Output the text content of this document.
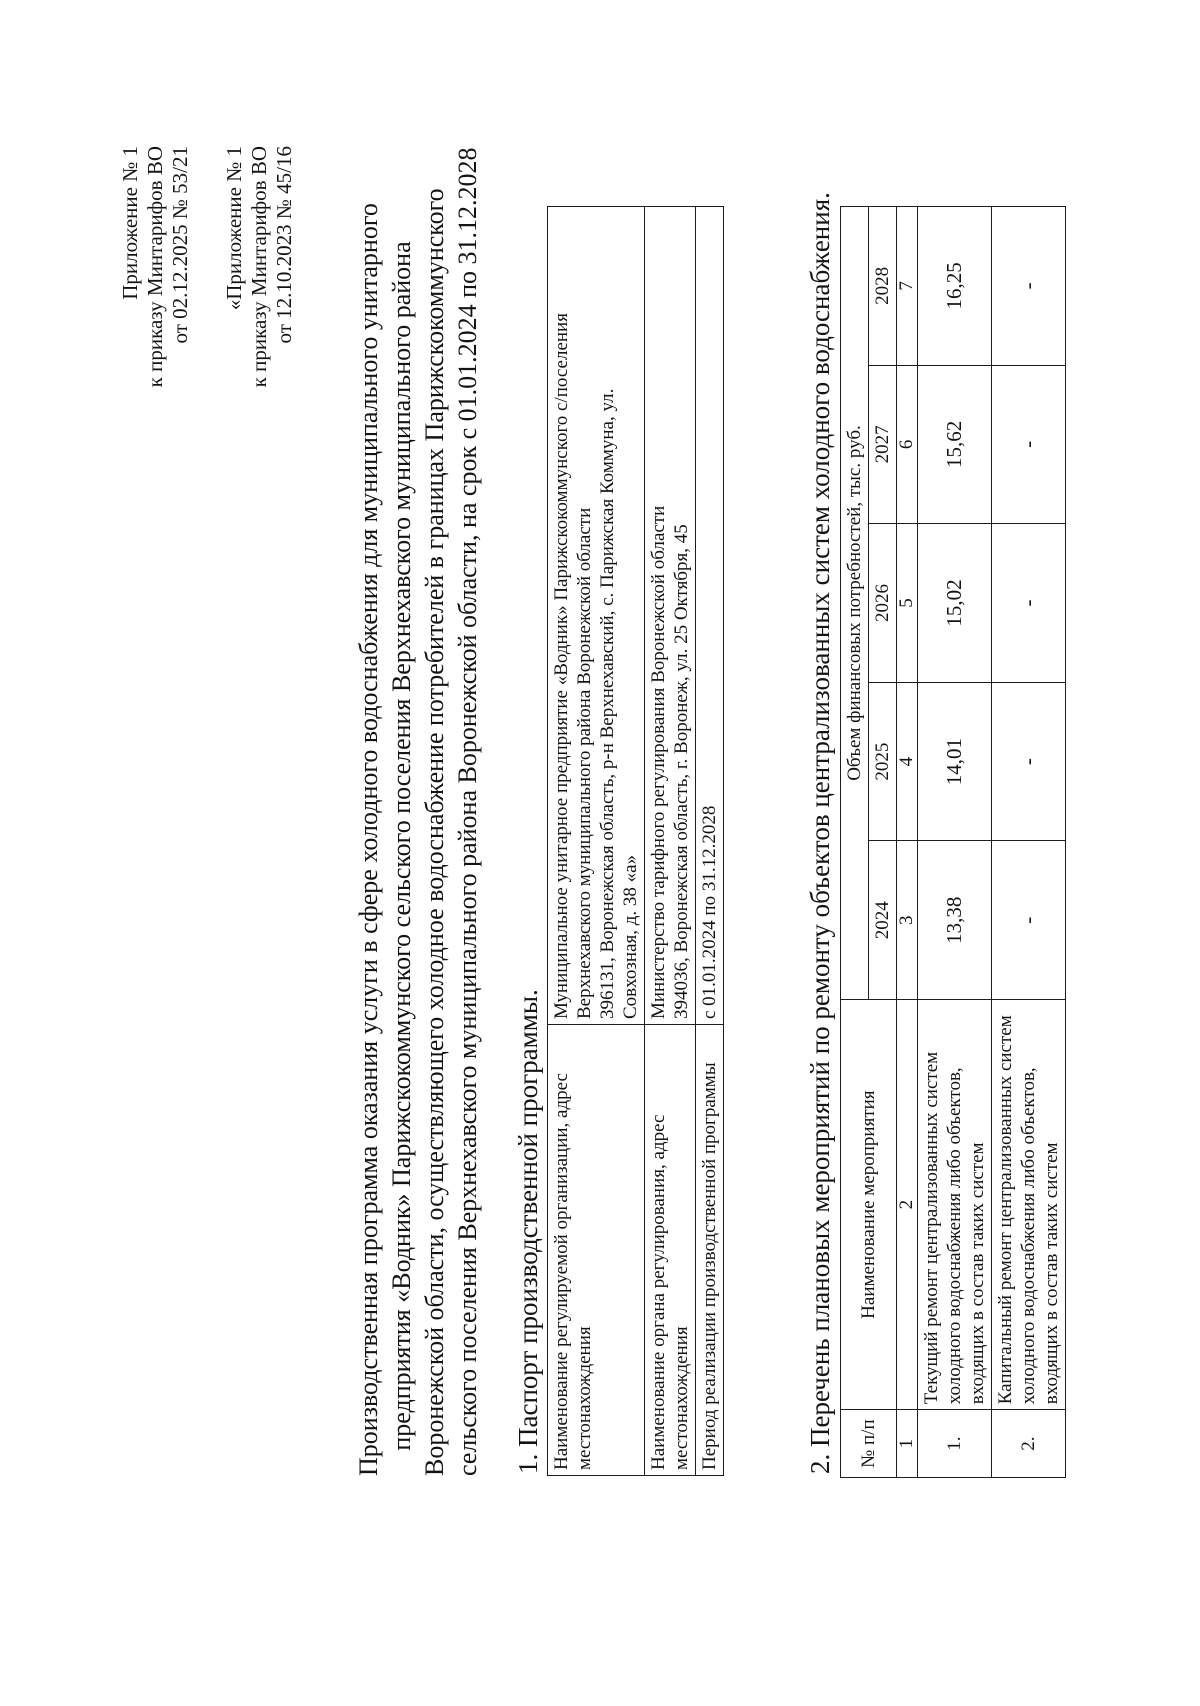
Приложение № 1 к приказу Минтарифов ВО от 02.12.2025 № 53/21 «Приложение № 1 к приказу Минтарифов ВО от 12.10.2023 № 45/16 Производственная программа оказания услуги в сфере холодного водоснабжения для муниципального унитарного предприятия «Водник» Парижскокоммунского сельского поселения Верхнехавского муниципального района Воронежской области, осуществляющего холодное водоснабжение потребителей в границах Парижскокоммунского сельского поселения Верхнехавского муниципального района Воронежской области, на срок с 01.01.2024 по 31.12.2028 1. Паспорт производственной программы. Наименование регулируемой организации, адрес местонахождения	Муниципальное унитарное предприятие «Водник» Парижскокоммунского с/поселения Верхнехавского муниципального района Воронежской области 396131, Воронежская область, р-н Верхнехавский, с. Парижская Коммуна, ул. Совхозная, д. 38 «а»

Наименование органа регулирования, адрес местонахождения	Министерство тарифного регулирования Воронежской области 394036, Воронежская область, г. Воронеж, ул. 25 Октября, 45

Период реализации производственной программы	с 01.01.2024 по 31.12.2028	2. Перечень плановых мероприятий по ремонту объектов централизованных систем холодного водоснабжения. № п/п	Наименование мероприятия	Объем финансовых потребностей, тыс. руб.				
		2024	2025	2026	2027	2028
1	2	3	4	5	6	7
1.	Текущий ремонт централизованных систем холодного водоснабжения либо объектов, входящих в состав таких систем	13,38	14,01	15,02	15,62	16,25
2.	Капитальный ремонт централизованных систем холодного водоснабжения либо объектов, входящих в состав таких систем	-	-	-	-	-
